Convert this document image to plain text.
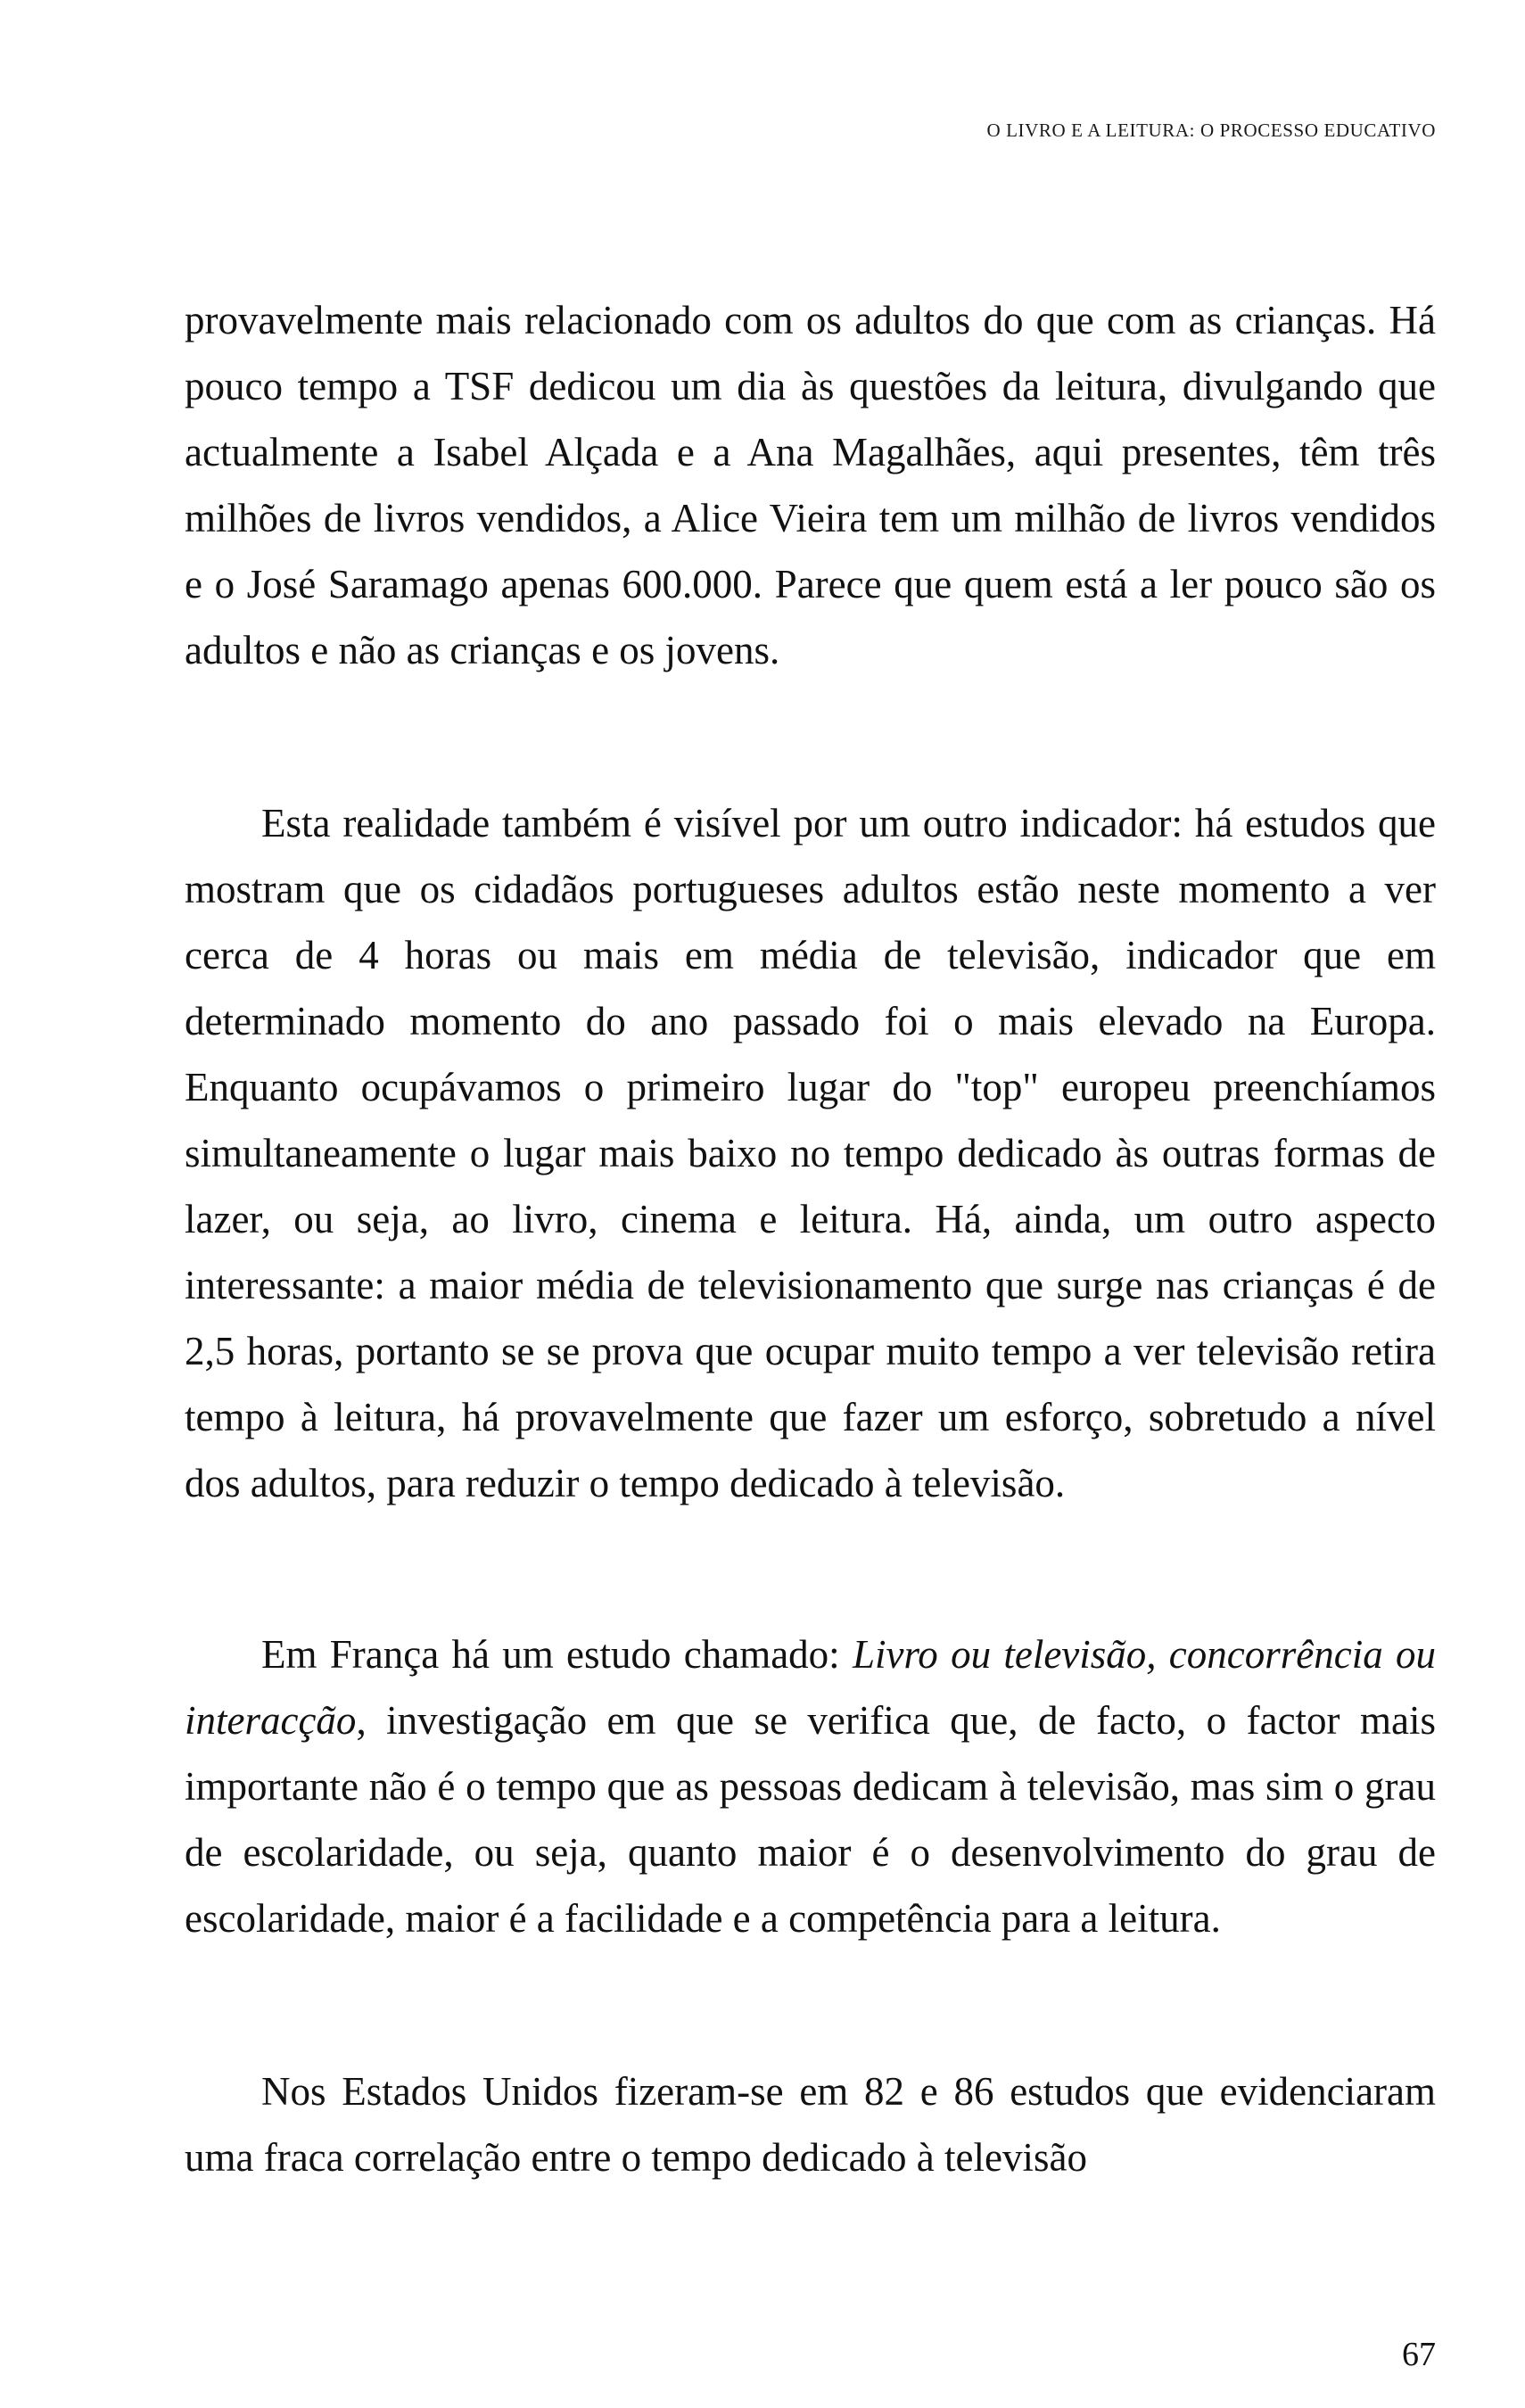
O LIVRO E A LEITURA: O PROCESSO EDUCATIVO

provavelmente mais relacionado com os adultos do que com as crianças. Há pouco tempo a TSF dedicou um dia às questões da leitura, divulgando que actualmente a Isabel Alçada e a Ana Magalhães, aqui presentes, têm três milhões de livros vendidos, a Alice Vieira tem um milhão de livros vendidos e o José Saramago apenas 600.000. Parece que quem está a ler pouco são os adultos e não as crianças e os jovens.

Esta realidade também é visível por um outro indicador: há estudos que mostram que os cidadãos portugueses adultos estão neste momento a ver cerca de 4 horas ou mais em média de televisão, indicador que em determinado momento do ano passado foi o mais elevado na Europa. Enquanto ocupávamos o primeiro lugar do "top" europeu preenchíamos simultaneamente o lugar mais baixo no tempo dedicado às outras formas de lazer, ou seja, ao livro, cinema e leitura. Há, ainda, um outro aspecto interessante: a maior média de televisionamento que surge nas crianças é de 2,5 horas, portanto se se prova que ocupar muito tempo a ver televisão retira tempo à leitura, há provavelmente que fazer um esforço, sobretudo a nível dos adultos, para reduzir o tempo dedicado à televisão.

Em França há um estudo chamado: Livro ou televisão, concorrência ou interacção, investigação em que se verifica que, de facto, o factor mais importante não é o tempo que as pessoas dedicam à televisão, mas sim o grau de escolaridade, ou seja, quanto maior é o desenvolvimento do grau de escolaridade, maior é a facilidade e a competência para a leitura.

Nos Estados Unidos fizeram-se em 82 e 86 estudos que evidenciaram uma fraca correlação entre o tempo dedicado à televisão

67
